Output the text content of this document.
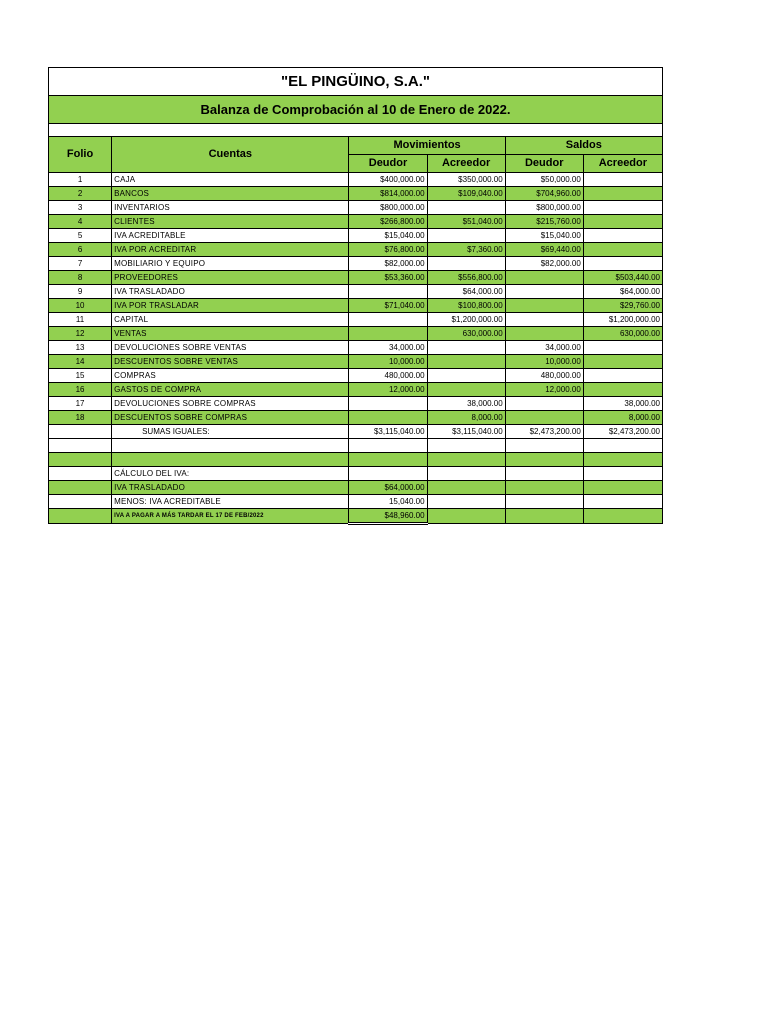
"EL PINGÜINO, S.A."					
Balanza de Comprobación al 10 de Enero de 2022.					

Folio	Cuentas	Movimientos		Saldos	
		Deudor	Acreedor	Deudor	Acreedor
1	CAJA	$400,000.00	$350,000.00	$50,000.00	
2	BANCOS	$814,000.00	$109,040.00	$704,960.00	
3	INVENTARIOS	$800,000.00		$800,000.00	
4	CLIENTES	$266,800.00	$51,040.00	$215,760.00	
5	IVA ACREDITABLE	$15,040.00		$15,040.00	
6	IVA POR ACREDITAR	$76,800.00	$7,360.00	$69,440.00	
7	MOBILIARIO Y EQUIPO	$82,000.00		$82,000.00	
8	PROVEEDORES	$53,360.00	$556,800.00		$503,440.00
9	IVA TRASLADADO		$64,000.00		$64,000.00
10	IVA POR TRASLADAR	$71,040.00	$100,800.00		$29,760.00
11	CAPITAL		$1,200,000.00		$1,200,000.00
12	VENTAS		630,000.00		630,000.00
13	DEVOLUCIONES SOBRE VENTAS	34,000.00		34,000.00	
14	DESCUENTOS SOBRE VENTAS	10,000.00		10,000.00	
15	COMPRAS	480,000.00		480,000.00	
16	GASTOS DE COMPRA	12,000.00		12,000.00	
17	DEVOLUCIONES SOBRE COMPRAS		38,000.00		38,000.00
18	DESCUENTOS SOBRE COMPRAS		8,000.00		8,000.00
	SUMAS IGUALES:	$3,115,040.00	$3,115,040.00	$2,473,200.00	$2,473,200.00

	CÁLCULO DEL IVA:				
	IVA TRASLADADO	$64,000.00			
	MENOS: IVA ACREDITABLE	15,040.00			
	IVA A PAGAR A MÁS TARDAR EL 17 DE FEB/2022	$48,960.00			
